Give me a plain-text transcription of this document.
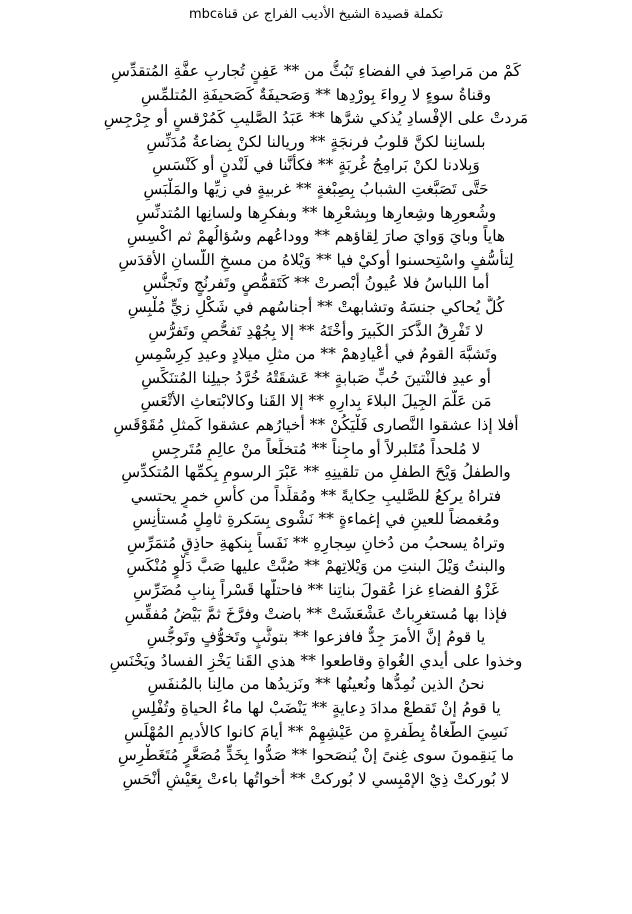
تكملة قصيدة الشيخ الأديب الفراج عن قناةmbc
كَمْ من مَراصِدَ في الفضاءِ تَبُثُّ من ** عَفِنٍ تُجاربِ عفَّةِ المُتقدِّسِ
وقناةُ سوءٍ لا رِواءَ بِورْدِها ** وَصَحيفَةٌ كَصَحيفَةِ المُتلمِّسِ
مَردتْ على الإفْسادِ يُذكي شرَّها ** عَبَدُ الصَّليبِ كَمُرْقسٍ أو جِرْجِسِ
بلسانِنا لكنَّ قلوبُ فرنجَةٍ ** وريالنا لكنْ بِضاعةُ مُدَنِّسِ
وَبِلادنا لكنْ بَرامِجُ غُربَةٍ ** فكأنَّنا في لَنْدنٍ أو كَنْسَسِ
حَتَّى تَصَبَّغتِ الشبابُ بِصِبْغةٍ ** غربيةٍ في زيِّها والمَلْبَسِ
وشُعورِها وشِعارِها وبِشعْرِها ** وبفكرِها ولسانِها المُتدنِّسِ
هاياً وبايَ وَوايَ صارَ لِقاؤهم ** ووداعُهم وسُؤالُهمْ ثم اكْسِسِ
لِتأسُّفٍ واسْتِحسنوا أُوكيْ فيا ** وَيْلاهُ من مسخِ اللّسانِ الأقدَسِ
أما اللباسُ فلا عُيونُ أبْصرتْ ** كَتَقمُّصٍ وتَفرنُجٍ وتَجنُّسِ
كُلٌّ يُحاكي جنسَهُ وتشابهتْ ** أجناسُهم في شَكْلِ زيٍّ مُلْبِسِ
لا تَفْرِقُ الذَّكرَ الكَبيرَ وأخْتَهُ ** إلا بِجُهْدِ تَفحُّصٍ وتَفرُّسِ
وتَشبَّهَ القومُ في أعْيادِهمْ ** من مثلِ ميلادٍ وعيدِ كِرِسْمِسِ
أو عيدِ فالنْتينَ حُبٍّ صَبابةٍ ** عَشقَتْهُ خُرَّدُ جيلِنا المُتنَكِّسِ
مَن عَلَّمَ الجِيلَ البلاءَ بِدارِهِ ** إلا القَنا وكالابْتعاثِ الأتْعَسِ
أفلا إذا عشقوا النَّصارى فَلْيَكُنْ ** أخيارُهم عشقوا كَمثلِ مُقَوْقَسِ
لا مُلحداً مُتَلبرلاً أو ماجِناً ** مُتخلِّعاً منْ عالِمٍ مُتَرجِسِ
والطفلُ وَيْحَ الطفلِ من تلقينِهِ ** عَبْرَ الرسومِ بِكمِّها المُتكدِّسِ
فتراهُ يركعُ للصَّليبِ حِكايةً ** ومُقلِّداً من كأسِ خمرٍ يحتسي
ومُغمضاً للعينِ في إغماءةٍ ** نَشْوى بِسَكرةِ ثامِلٍ مُستأنِسِ
وتراهُ يسحبُ من دُخانِ سِجارِهِ ** نَفَساً بِنكهةِ حاذِقٍ مُتمَرِّسِ
والبنتُ وَيْلَ البنتِ من وَيْلاتِهمْ ** صُبَّتْ عليها صَبَّ دَلْوٍ مُنْكَسِ
غَزْوُ الفضاءِ غزا عُقولَ بناتِنا ** فاحتلَّها قَسْراً بِنابِ مُضَرِّسِ
فإذا بها مُستغرِباتٌ عَشْعَشَتْ ** باضتْ وفرَّخَ ثمَّ بَيْضُ مُفقِّسِ
يا قومُ إنَّ الأمرَ جِدٌّ فافزعوا ** بتوثُّبٍ وتَخوُّفٍ وتَوجُّسِ
وخذوا على أيدي الغُواةِ وقاطعوا ** هذي القَنا يَخْزِ الفسادُ ويَخْنَسِ
نحنُ الذين نُمِدُّها ونُعينُها ** ونَزيدُها من مالِنا بالمُنفَسِ
يا قومُ إنْ تَقطعْ مدادَ دِعايةٍ ** يَنْضَبْ لها ماءُ الحياةِ وتُفْلِسِ
نَسِيَ الطُّغاةُ بِطَفرةٍ من عَيْشِهِمْ ** أيامَ كانوا كالأديمِ المُهْلَسِ
ما يَنقِمونَ سوى غِنىً إنْ يُنصَحوا ** صَدُّوا بِخَدٍّ مُصَعَّرٍ مُتَغَطْرِسِ
لا بُوركتْ ذِيْ الإمْبِسي لا بُوركتْ ** أخواتُها باءتْ بِعَيْشٍ أنْحَسِ
